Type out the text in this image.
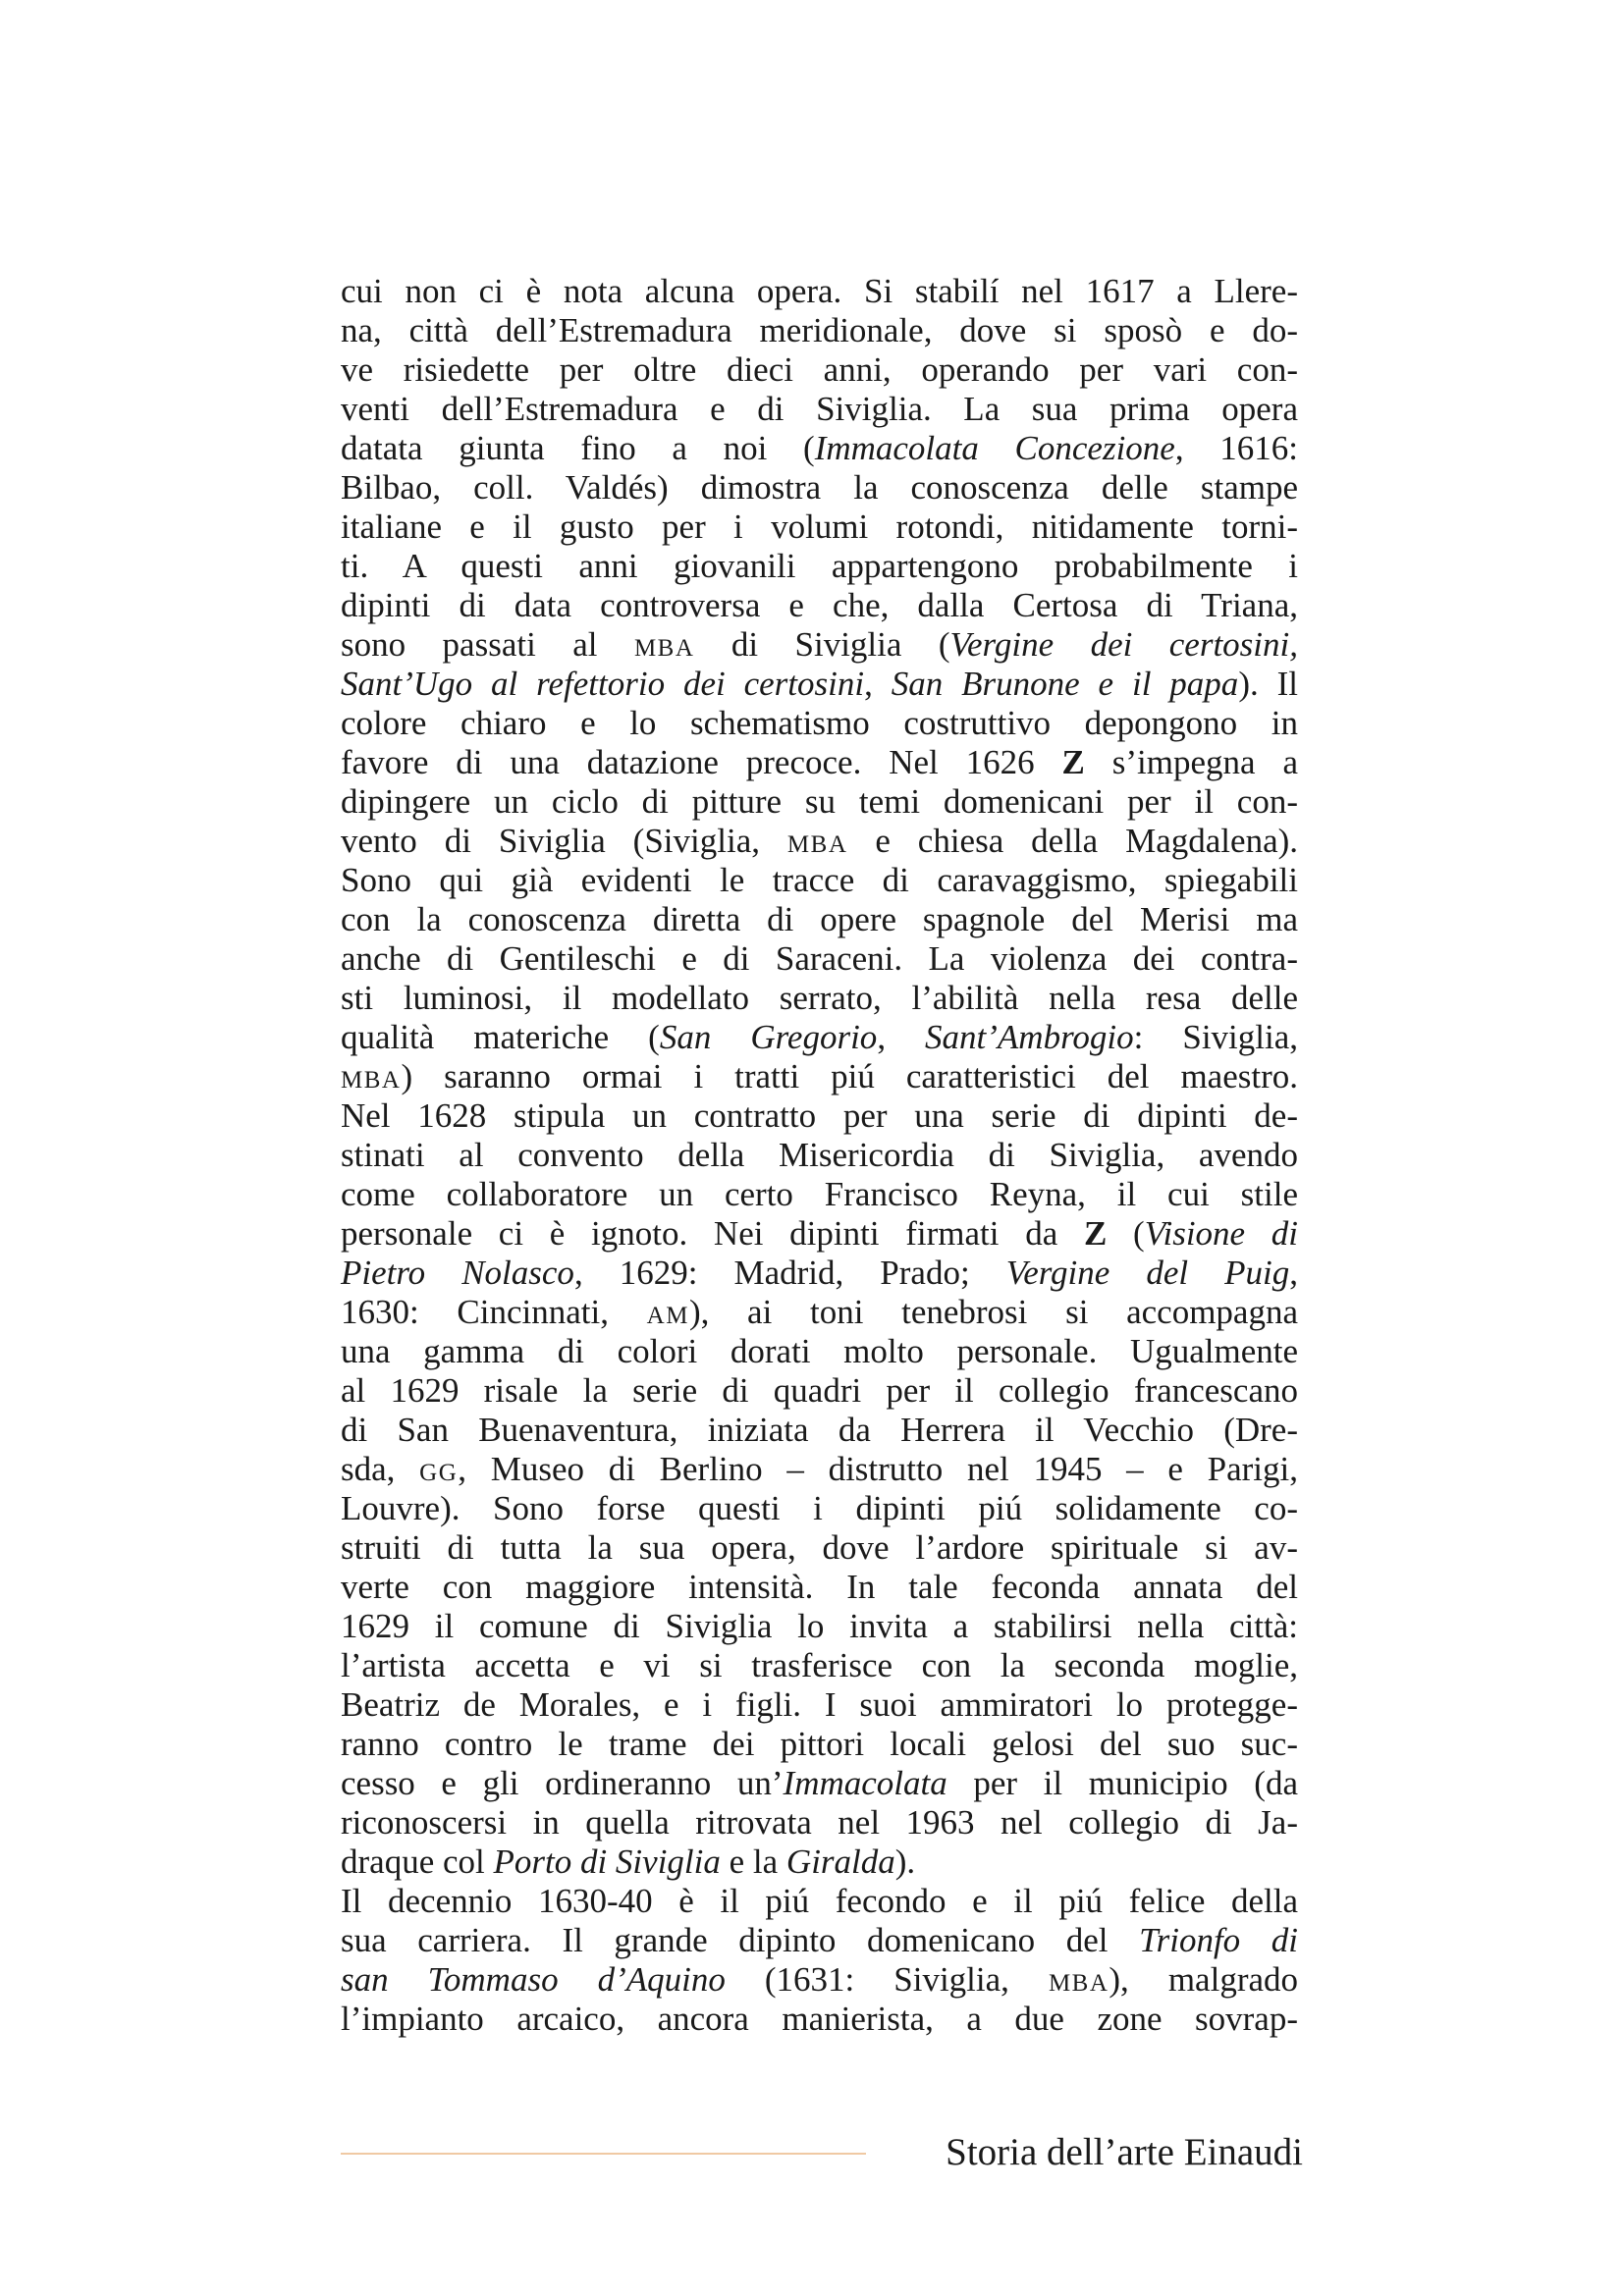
cui non ci è nota alcuna opera. Si stabilí nel 1617 a Llere-
na, città dell’Estremadura meridionale, dove si sposò e do-
ve risiedette per oltre dieci anni, operando per vari con-
venti dell’Estremadura e di Siviglia. La sua prima opera
datata giunta fino a noi (Immacolata Concezione, 1616:
Bilbao, coll. Valdés) dimostra la conoscenza delle stampe
italiane e il gusto per i volumi rotondi, nitidamente torni-
ti. A questi anni giovanili appartengono probabilmente i
dipinti di data controversa e che, dalla Certosa di Triana,
sono passati al MBA di Siviglia (Vergine dei certosini,
Sant’Ugo al refettorio dei certosini, San Brunone e il papa). Il
colore chiaro e lo schematismo costruttivo depongono in
favore di una datazione precoce. Nel 1626 Z s’impegna a
dipingere un ciclo di pitture su temi domenicani per il con-
vento di Siviglia (Siviglia, MBA e chiesa della Magdalena).
Sono qui già evidenti le tracce di caravaggismo, spiegabili
con la conoscenza diretta di opere spagnole del Merisi ma
anche di Gentileschi e di Saraceni. La violenza dei contra-
sti luminosi, il modellato serrato, l’abilità nella resa delle
qualità materiche (San Gregorio, Sant’Ambrogio: Siviglia,
MBA) saranno ormai i tratti piú caratteristici del maestro.
Nel 1628 stipula un contratto per una serie di dipinti de-
stinati al convento della Misericordia di Siviglia, avendo
come collaboratore un certo Francisco Reyna, il cui stile
personale ci è ignoto. Nei dipinti firmati da Z (Visione di
Pietro Nolasco, 1629: Madrid, Prado; Vergine del Puig,
1630: Cincinnati, AM), ai toni tenebrosi si accompagna
una gamma di colori dorati molto personale. Ugualmente
al 1629 risale la serie di quadri per il collegio francescano
di San Buenaventura, iniziata da Herrera il Vecchio (Dre-
sda, GG, Museo di Berlino – distrutto nel 1945 – e Parigi,
Louvre). Sono forse questi i dipinti piú solidamente co-
struiti di tutta la sua opera, dove l’ardore spirituale si av-
verte con maggiore intensità. In tale feconda annata del
1629 il comune di Siviglia lo invita a stabilirsi nella città:
l’artista accetta e vi si trasferisce con la seconda moglie,
Beatriz de Morales, e i figli. I suoi ammiratori lo protegge-
ranno contro le trame dei pittori locali gelosi del suo suc-
cesso e gli ordineranno un’Immacolata per il municipio (da
riconoscersi in quella ritrovata nel 1963 nel collegio di Ja-
draque col Porto di Siviglia e la Giralda).
Il decennio 1630-40 è il piú fecondo e il piú felice della
sua carriera. Il grande dipinto domenicano del Trionfo di
san Tommaso d’Aquino (1631: Siviglia, MBA), malgrado
l’impianto arcaico, ancora manierista, a due zone sovrap-
Storia dell’arte Einaudi
